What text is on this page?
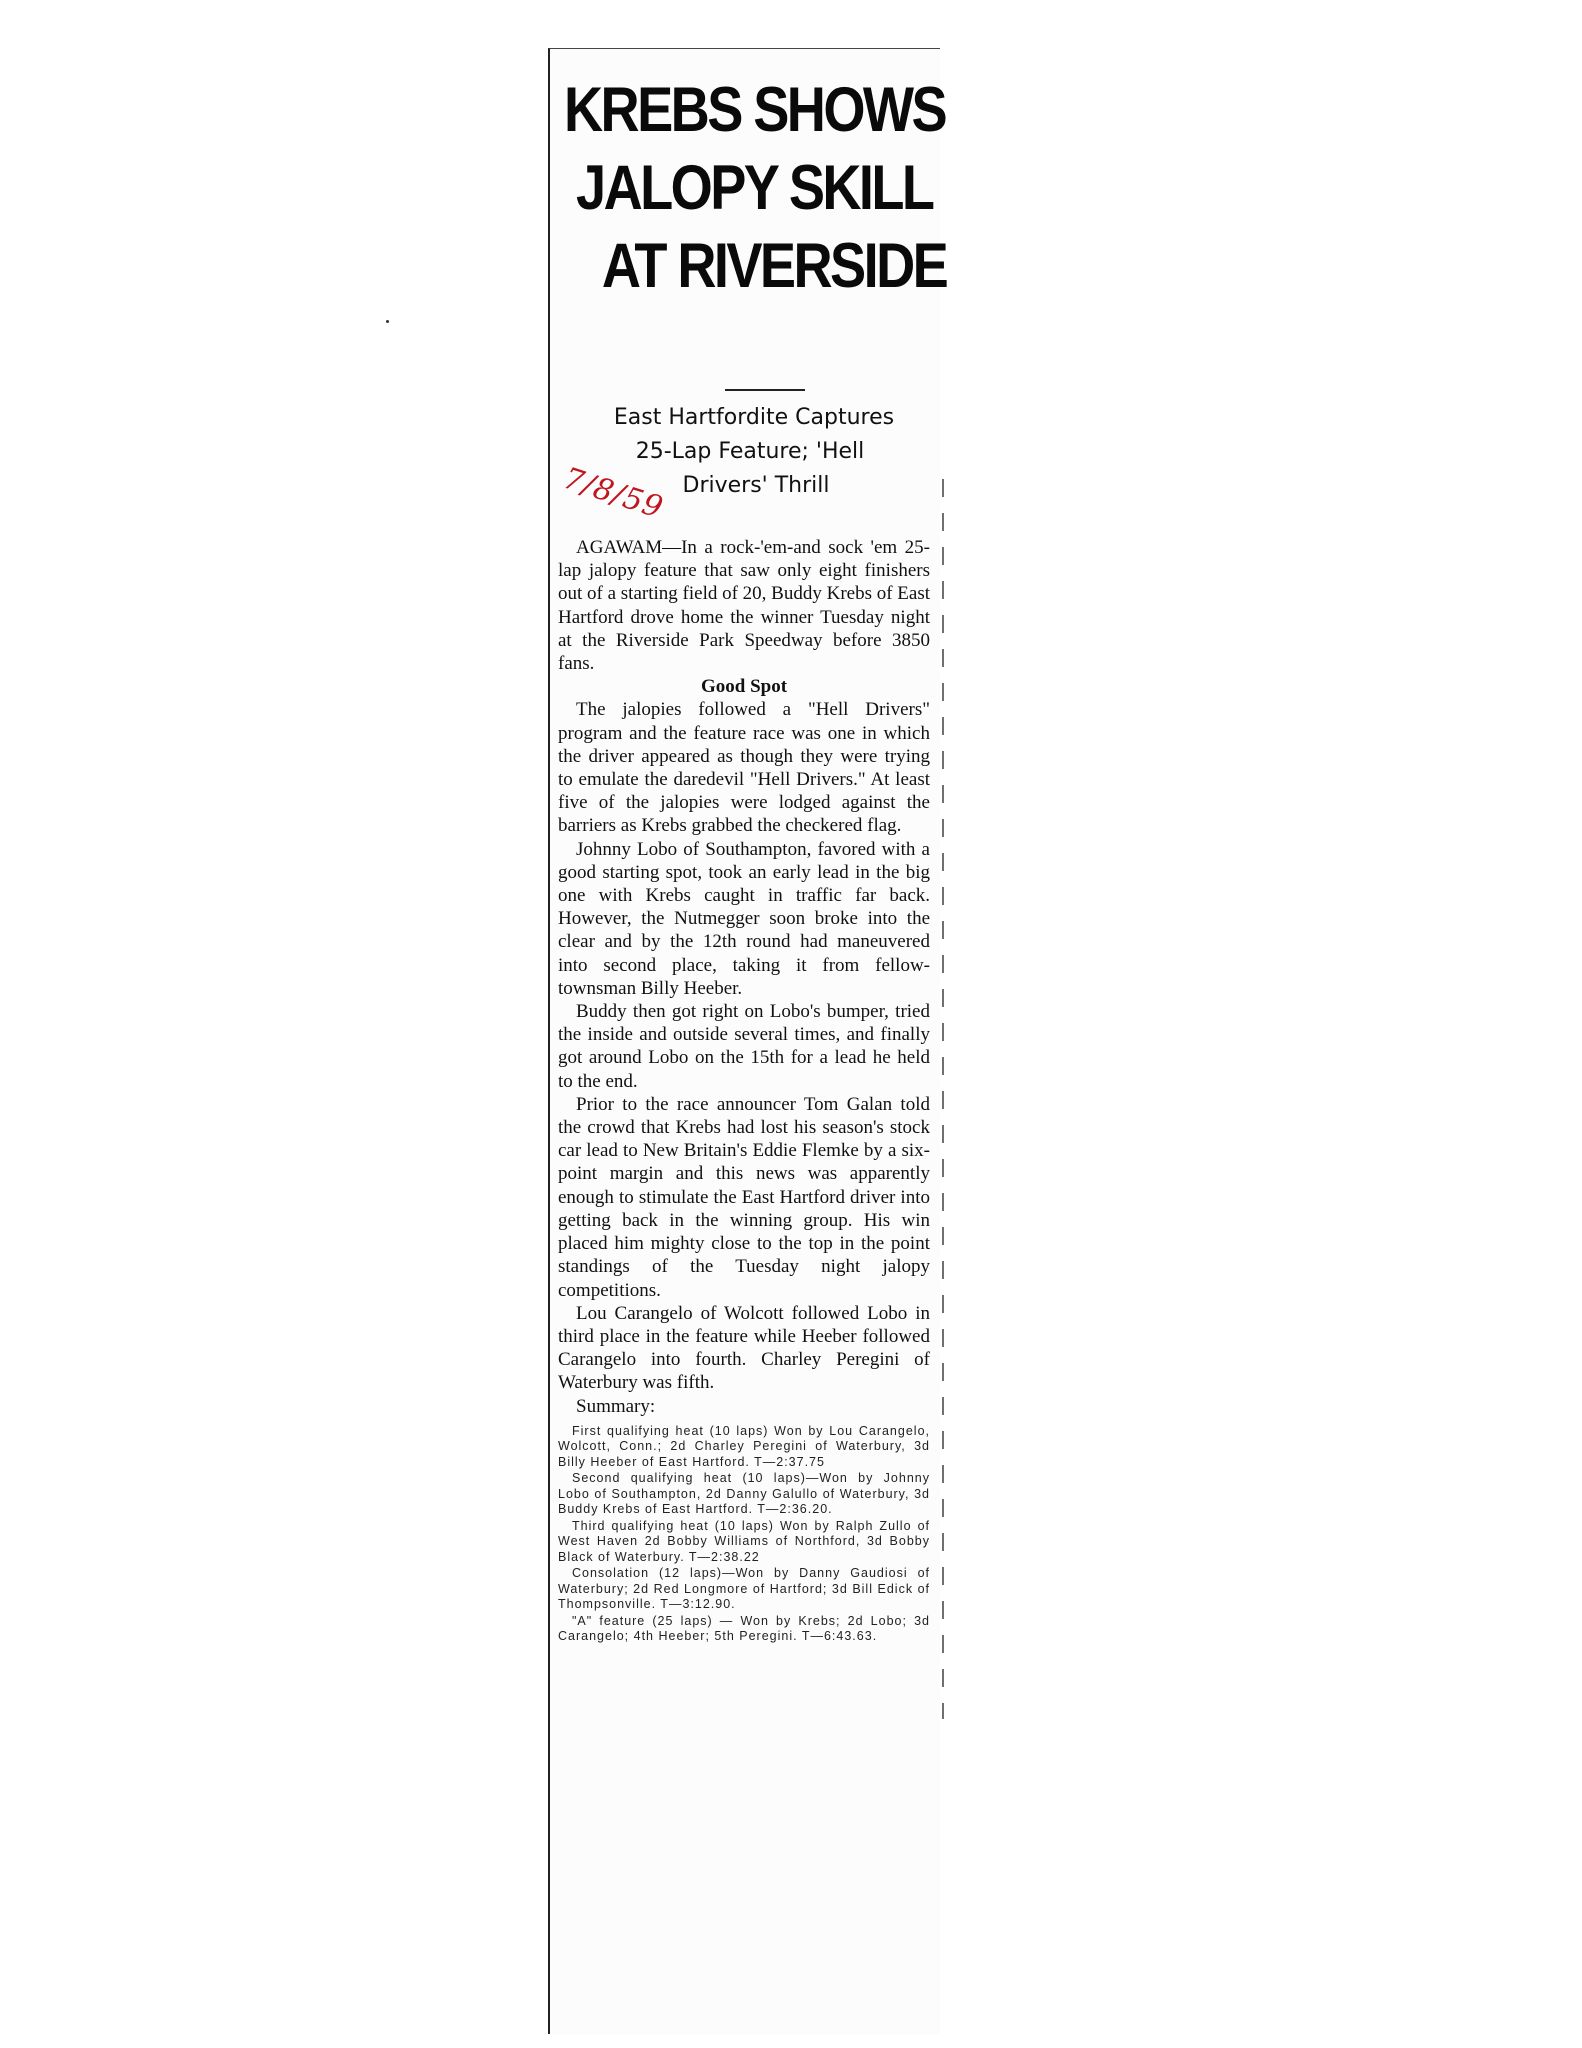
KREBS SHOWS
JALOPY SKILL
AT RIVERSIDE
East Hartfordite Captures
25-Lap Feature; 'Hell
Drivers' Thrill
7/8/59

AGAWAM—In a rock-'em-and sock 'em 25-lap jalopy feature that saw only eight finishers out of a starting field of 20, Buddy Krebs of East Hartford drove home the winner Tuesday night at the Riverside Park Speedway before 3850 fans.

Good Spot

The jalopies followed a "Hell Drivers" program and the feature race was one in which the driver appeared as though they were trying to emulate the daredevil "Hell Drivers." At least five of the jalopies were lodged against the barriers as Krebs grabbed the checkered flag.

Johnny Lobo of Southampton, favored with a good starting spot, took an early lead in the big one with Krebs caught in traffic far back. However, the Nutmegger soon broke into the clear and by the 12th round had maneuvered into second place, taking it from fellow-townsman Billy Heeber.

Buddy then got right on Lobo's bumper, tried the inside and outside several times, and finally got around Lobo on the 15th for a lead he held to the end.

Prior to the race announcer Tom Galan told the crowd that Krebs had lost his season's stock car lead to New Britain's Eddie Flemke by a six-point margin and this news was apparently enough to stimulate the East Hartford driver into getting back in the winning group. His win placed him mighty close to the top in the point standings of the Tuesday night jalopy competitions.

Lou Carangelo of Wolcott followed Lobo in third place in the feature while Heeber followed Carangelo into fourth. Charley Peregini of Waterbury was fifth.

Summary:

First qualifying heat (10 laps) Won by Lou Carangelo, Wolcott, Conn.; 2d Charley Peregini of Waterbury, 3d Billy Heeber of East Hartford. T—2:37.75

Second qualifying heat (10 laps)—Won by Johnny Lobo of Southampton, 2d Danny Galullo of Waterbury, 3d Buddy Krebs of East Hartford. T—2:36.20.

Third qualifying heat (10 laps) Won by Ralph Zullo of West Haven 2d Bobby Williams of Northford, 3d Bobby Black of Waterbury. T—2:38.22

Consolation (12 laps)—Won by Danny Gaudiosi of Waterbury; 2d Red Longmore of Hartford; 3d Bill Edick of Thompsonville. T—3:12.90.

"A" feature (25 laps) — Won by Krebs; 2d Lobo; 3d Carangelo; 4th Heeber; 5th Peregini. T—6:43.63.
